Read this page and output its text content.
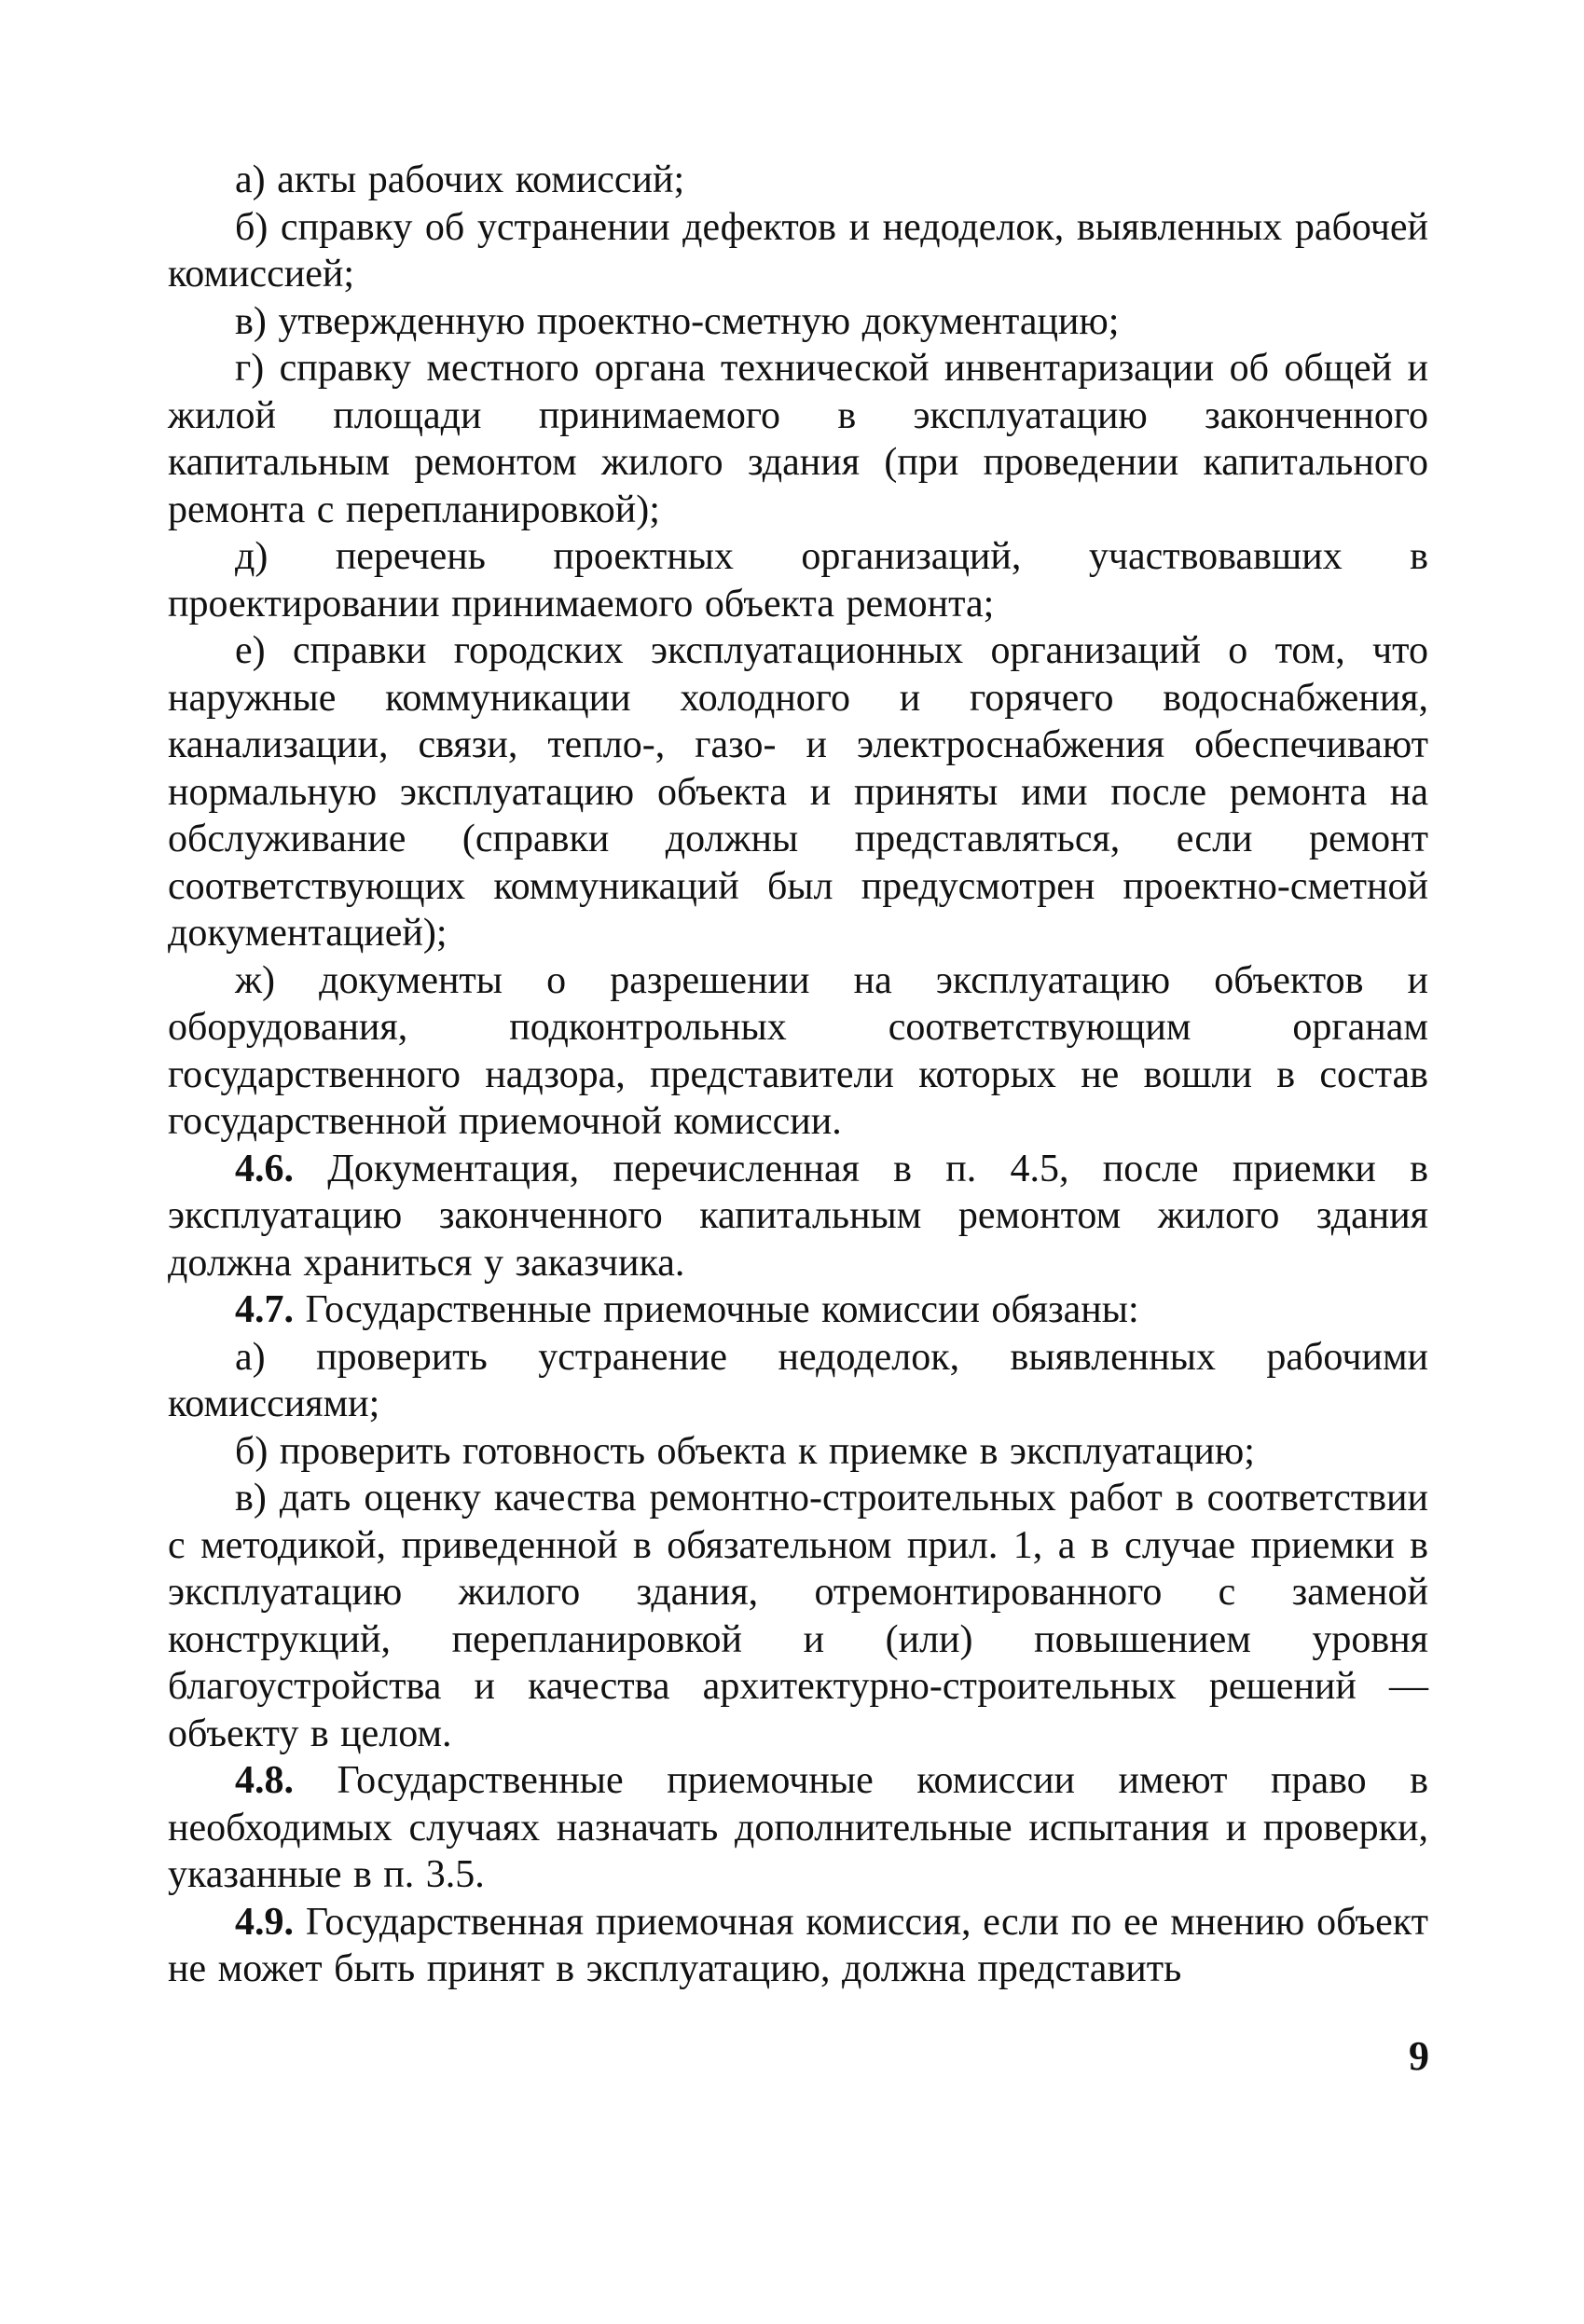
а) акты рабочих комиссий;

б) справку об устранении дефектов и недоделок, выявленных рабочей комиссией;

в) утвержденную проектно-сметную документацию;

г) справку местного органа технической инвентаризации об общей и жилой площади принимаемого в эксплуатацию законченного капитальным ремонтом жилого здания (при проведении капитального ремонта с перепланировкой);

д) перечень проектных организаций, участвовавших в проектировании принимаемого объекта ремонта;

е) справки городских эксплуатационных организаций о том, что наружные коммуникации холодного и горячего водоснабжения, канализации, связи, тепло-, газо- и электроснабжения обеспечивают нормальную эксплуатацию объекта и приняты ими после ремонта на обслуживание (справки должны представляться, если ремонт соответствующих коммуникаций был предусмотрен проектно-сметной документацией);

ж) документы о разрешении на эксплуатацию объектов и оборудования, подконтрольных соответствующим органам государственного надзора, представители которых не вошли в состав государственной приемочной комиссии.

4.6. Документация, перечисленная в п. 4.5, после приемки в эксплуатацию законченного капитальным ремонтом жилого здания должна храниться у заказчика.

4.7. Государственные приемочные комиссии обязаны:

а) проверить устранение недоделок, выявленных рабочими комиссиями;

б) проверить готовность объекта к приемке в эксплуатацию;

в) дать оценку качества ремонтно-строительных работ в соответствии с методикой, приведенной в обязательном прил. 1, а в случае приемки в эксплуатацию жилого здания, отремонтированного с заменой конструкций, перепланировкой и (или) повышением уровня благоустройства и качества архитектурно-строительных решений — объекту в целом.

4.8. Государственные приемочные комиссии имеют право в необходимых случаях назначать дополнительные испытания и проверки, указанные в п. 3.5.

4.9. Государственная приемочная комиссия, если по ее мнению объект не может быть принят в эксплуатацию, должна представить

9
